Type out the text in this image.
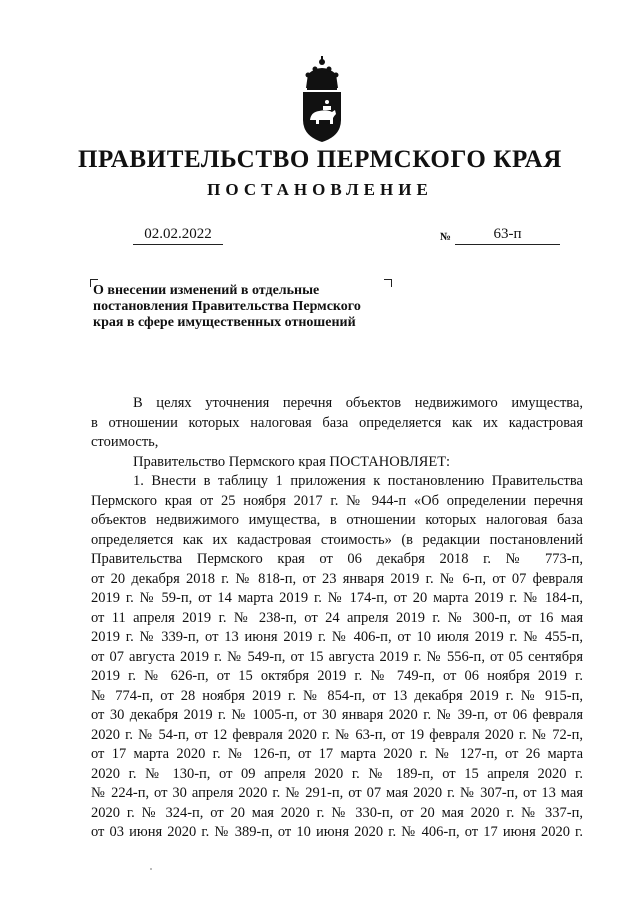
ПРАВИТЕЛЬСТВО ПЕРМСКОГО КРАЯ
ПОСТАНОВЛЕНИЕ
02.02.2022	№	63-п
О внесении изменений в отдельные
постановления Правительства Пермского
края в сфере имущественных отношений
В целях уточнения перечня объектов недвижимого имущества,
в отношении которых налоговая база определяется как их кадастровая
стоимость,
Правительство Пермского края ПОСТАНОВЛЯЕТ:
1. Внести в таблицу 1 приложения к постановлению Правительства
Пермского края от 25 ноября 2017 г. № 944-п «Об определении перечня
объектов недвижимого имущества, в отношении которых налоговая база
определяется как их кадастровая стоимость» (в редакции постановлений
Правительства Пермского края от 06 декабря 2018 г. № 773-п,
от 20 декабря 2018 г. № 818-п, от 23 января 2019 г. № 6-п, от 07 февраля
2019 г. № 59-п, от 14 марта 2019 г. № 174-п, от 20 марта 2019 г. № 184-п,
от 11 апреля 2019 г. № 238-п, от 24 апреля 2019 г. № 300-п, от 16 мая
2019 г. № 339-п, от 13 июня 2019 г. № 406-п, от 10 июля 2019 г. № 455-п,
от 07 августа 2019 г. № 549-п, от 15 августа 2019 г. № 556-п, от 05 сентября
2019 г. № 626-п, от 15 октября 2019 г. № 749-п, от 06 ноября 2019 г.
№ 774-п, от 28 ноября 2019 г. № 854-п, от 13 декабря 2019 г. № 915-п,
от 30 декабря 2019 г. № 1005-п, от 30 января 2020 г. № 39-п, от 06 февраля
2020 г. № 54-п, от 12 февраля 2020 г. № 63-п, от 19 февраля 2020 г. № 72-п,
от 17 марта 2020 г. № 126-п, от 17 марта 2020 г. № 127-п, от 26 марта
2020 г. № 130-п, от 09 апреля 2020 г. № 189-п, от 15 апреля 2020 г.
№ 224-п, от 30 апреля 2020 г. № 291-п, от 07 мая 2020 г. № 307-п, от 13 мая
2020 г. № 324-п, от 20 мая 2020 г. № 330-п, от 20 мая 2020 г. № 337-п,
от 03 июня 2020 г. № 389-п, от 10 июня 2020 г. № 406-п, от 17 июня 2020 г.
